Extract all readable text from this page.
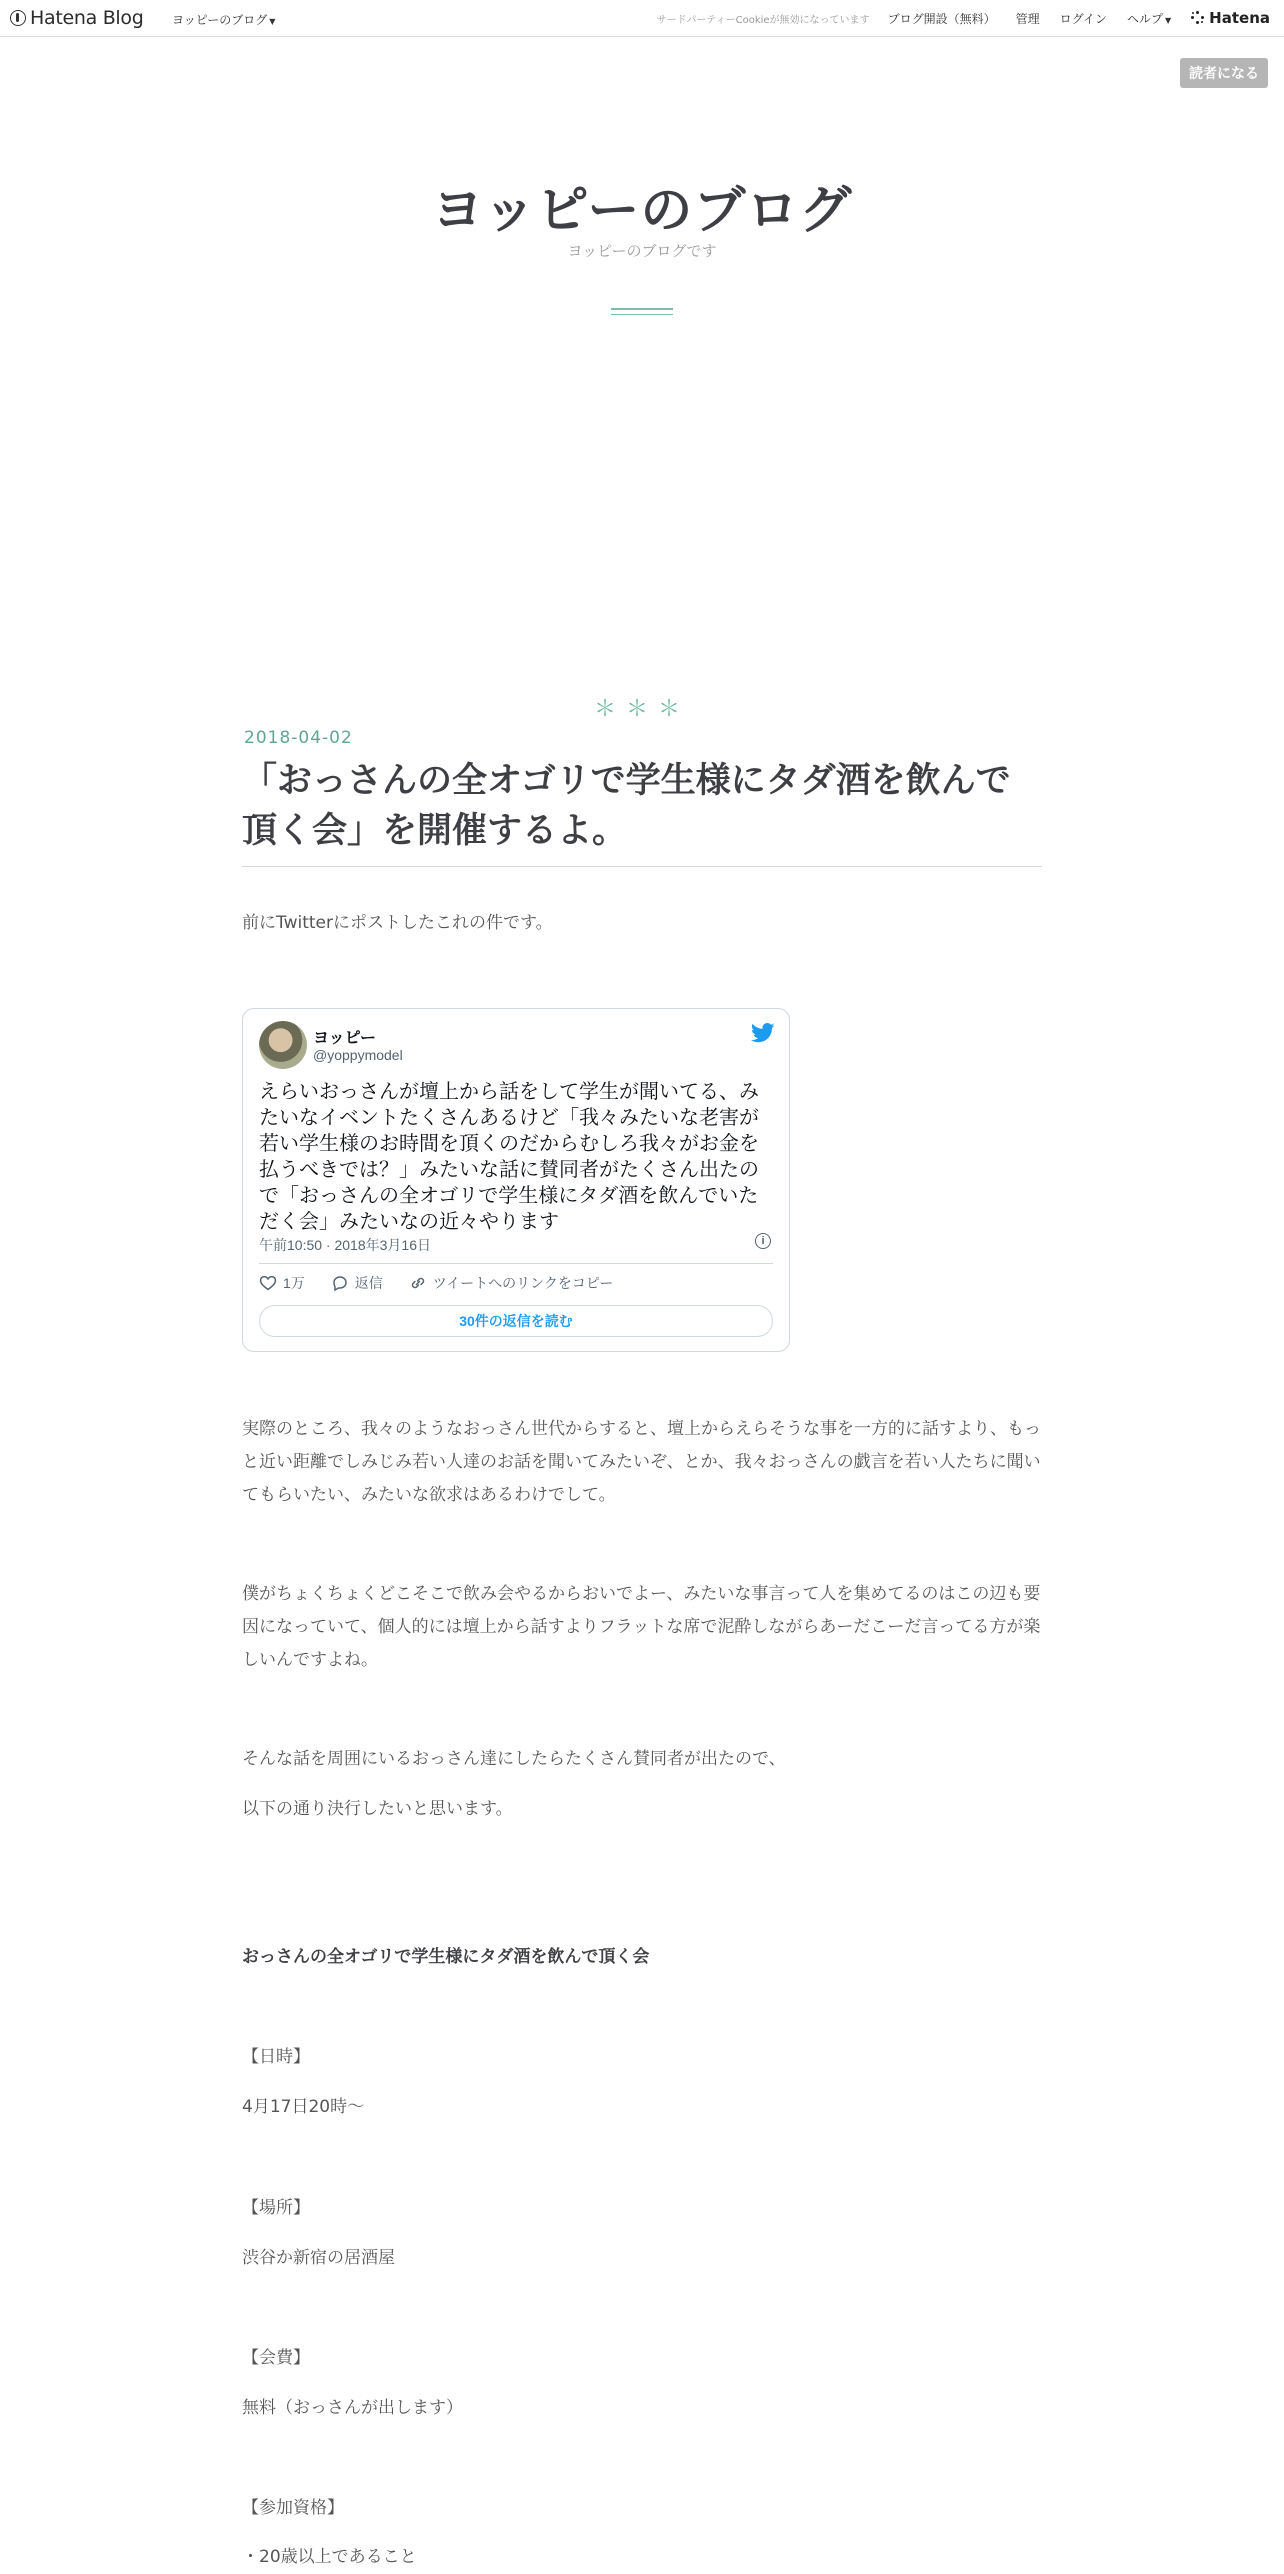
Hatena Blog ヨッピーのブログ ▼	サードパーティーCookieが無効になっています ブログ開設（無料） 管理 ログイン ヘルプ ▼	Hatena
読者になる
ヨッピーのブログ
ヨッピーのブログです
＊＊＊
2018-04-02
「おっさんの全オゴリで学生様にタダ酒を飲んで頂く会」を開催するよ。
前にTwitterにポストしたこれの件です。
ヨッピー
@yoppymodel
えらいおっさんが壇上から話をして学生が聞いてる、みたいなイベントたくさんあるけど「我々みたいな老害が若い学生様のお時間を頂くのだからむしろ我々がお金を払うべきでは？」みたいな話に賛同者がたくさん出たので「おっさんの全オゴリで学生様にタダ酒を飲んでいただく会」みたいなの近々やります
午前10:50 · 2018年3月16日	i
1万	返信	ツイートへのリンクをコピー
30件の返信を読む
実際のところ、我々のようなおっさん世代からすると、壇上からえらそうな事を一方的に話すより、もっと近い距離でしみじみ若い人達のお話を聞いてみたいぞ、とか、我々おっさんの戯言を若い人たちに聞いてもらいたい、みたいな欲求はあるわけでして。
僕がちょくちょくどこそこで飲み会やるからおいでよー、みたいな事言って人を集めてるのはこの辺も要因になっていて、個人的には壇上から話すよりフラットな席で泥酔しながらあーだこーだ言ってる方が楽しいんですよね。
そんな話を周囲にいるおっさん達にしたらたくさん賛同者が出たので、
以下の通り決行したいと思います。
おっさんの全オゴリで学生様にタダ酒を飲んで頂く会
【日時】
4月17日20時～
【場所】
渋谷か新宿の居酒屋
【会費】
無料（おっさんが出します）
【参加資格】
・20歳以上であること
